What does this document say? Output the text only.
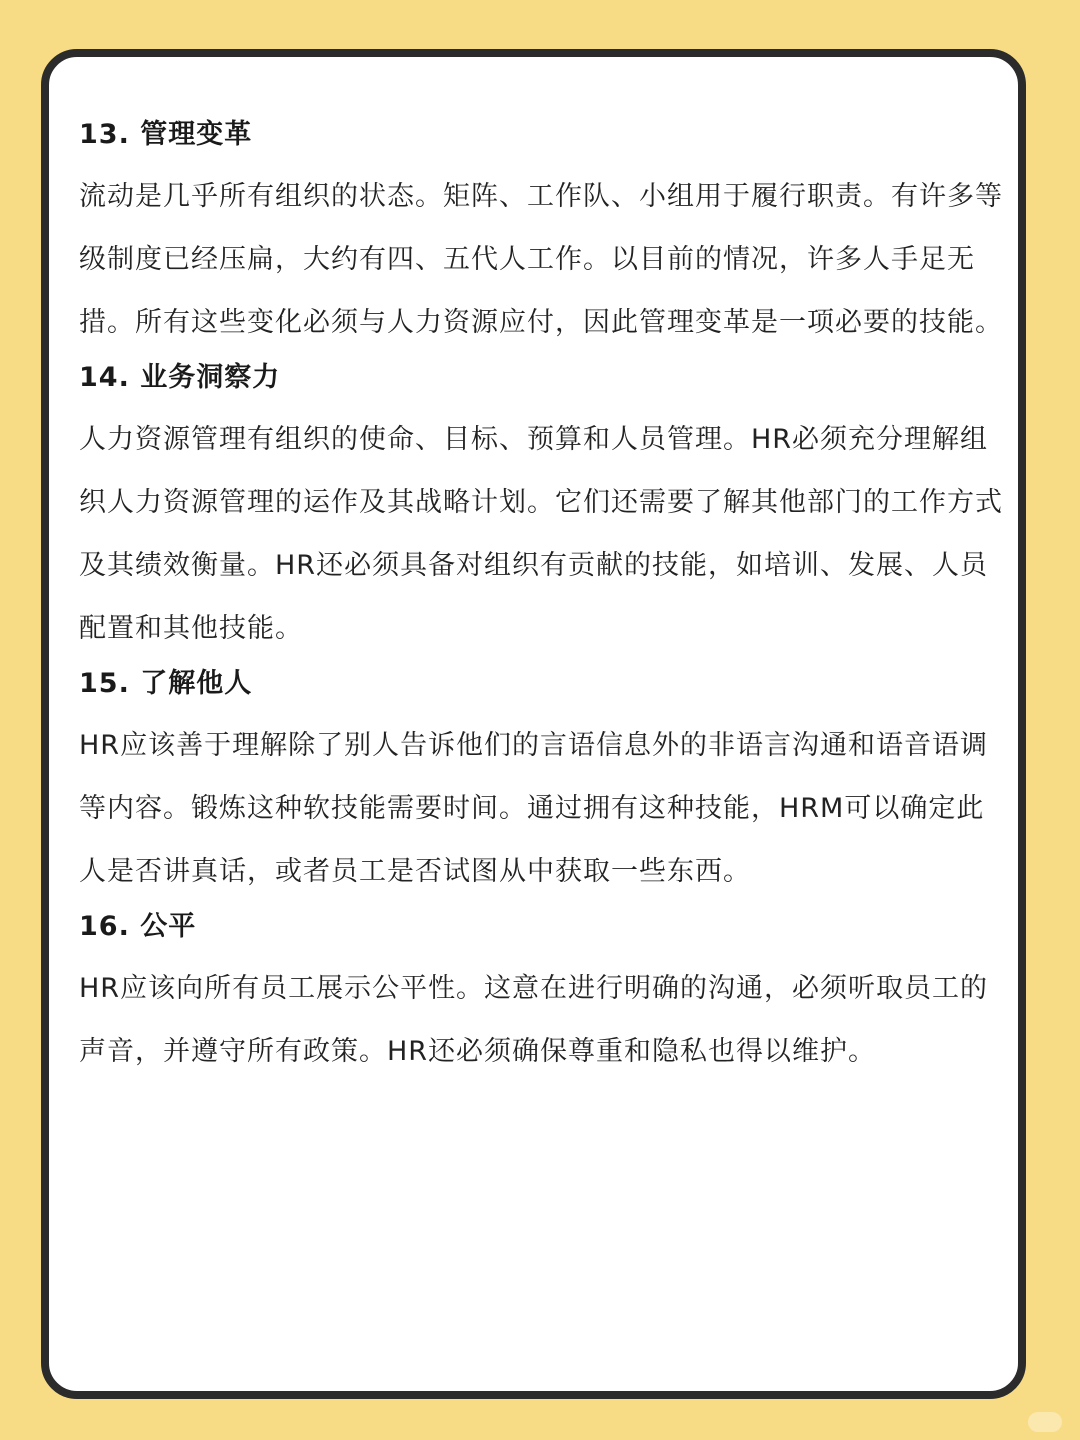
13. 管理变革

流动是几乎所有组织的状态。矩阵、工作队、小组用于履行职责。有许多等级制度已经压扁，大约有四、五代人工作。以目前的情况，许多人手足无措。所有这些变化必须与人力资源应付，因此管理变革是一项必要的技能。

14. 业务洞察力

人力资源管理有组织的使命、目标、预算和人员管理。HR必须充分理解组织人力资源管理的运作及其战略计划。它们还需要了解其他部门的工作方式及其绩效衡量。HR还必须具备对组织有贡献的技能，如培训、发展、人员配置和其他技能。

15. 了解他人

HR应该善于理解除了别人告诉他们的言语信息外的非语言沟通和语音语调等内容。锻炼这种软技能需要时间。通过拥有这种技能，HRM可以确定此人是否讲真话，或者员工是否试图从中获取一些东西。

16. 公平

HR应该向所有员工展示公平性。这意在进行明确的沟通，必须听取员工的声音，并遵守所有政策。HR还必须确保尊重和隐私也得以维护。
